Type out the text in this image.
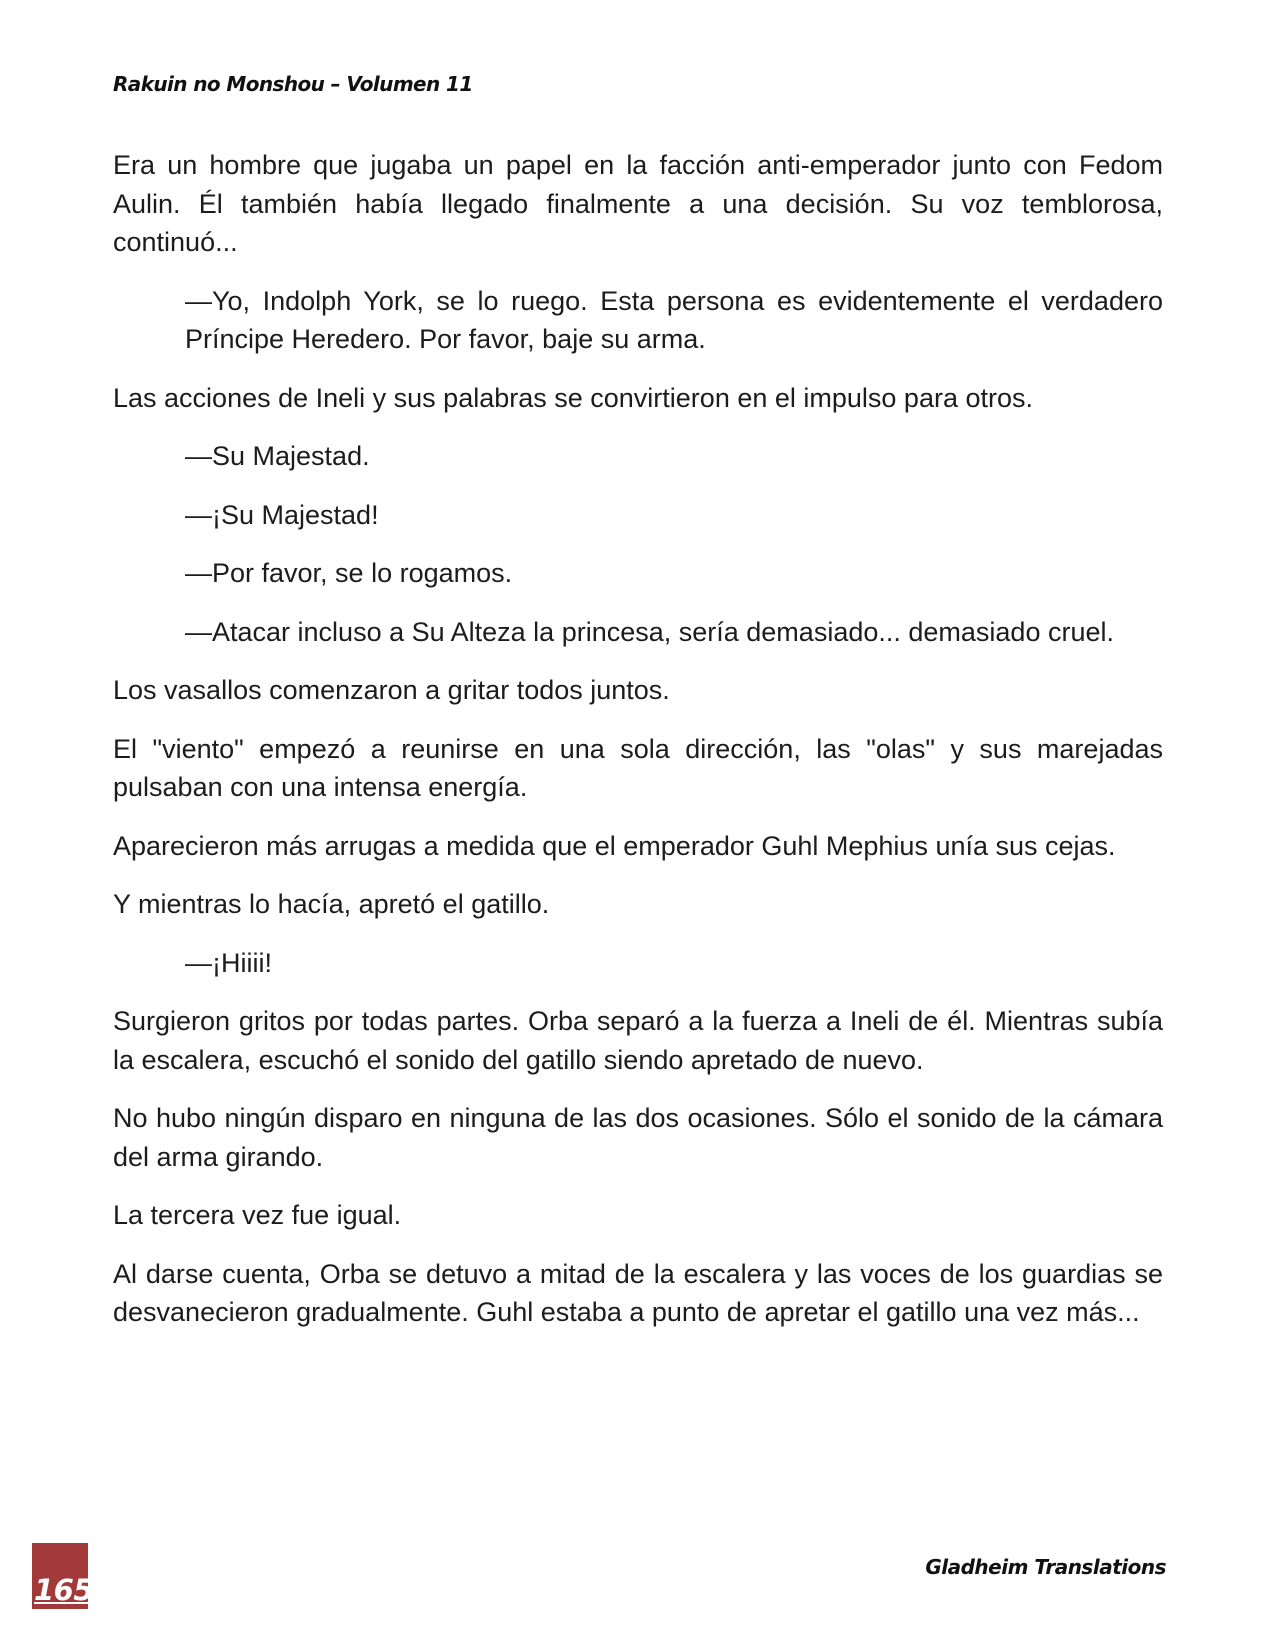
Rakuin no Monshou – Volumen 11

Era un hombre que jugaba un papel en la facción anti-emperador junto con Fedom Aulin. Él también había llegado finalmente a una decisión. Su voz temblorosa, continuó...

—Yo, Indolph York, se lo ruego. Esta persona es evidentemente el verdadero Príncipe Heredero. Por favor, baje su arma.

Las acciones de Ineli y sus palabras se convirtieron en el impulso para otros.

—Su Majestad.

—¡Su Majestad!

—Por favor, se lo rogamos.

—Atacar incluso a Su Alteza la princesa, sería demasiado... demasiado cruel.

Los vasallos comenzaron a gritar todos juntos.

El "viento" empezó a reunirse en una sola dirección, las "olas" y sus marejadas pulsaban con una intensa energía.

Aparecieron más arrugas a medida que el emperador Guhl Mephius unía sus cejas.

Y mientras lo hacía, apretó el gatillo.

—¡Hiiii!

Surgieron gritos por todas partes. Orba separó a la fuerza a Ineli de él. Mientras subía la escalera, escuchó el sonido del gatillo siendo apretado de nuevo.

No hubo ningún disparo en ninguna de las dos ocasiones. Sólo el sonido de la cámara del arma girando.

La tercera vez fue igual.

Al darse cuenta, Orba se detuvo a mitad de la escalera y las voces de los guardias se desvanecieron gradualmente. Guhl estaba a punto de apretar el gatillo una vez más...

165
Gladheim Translations
